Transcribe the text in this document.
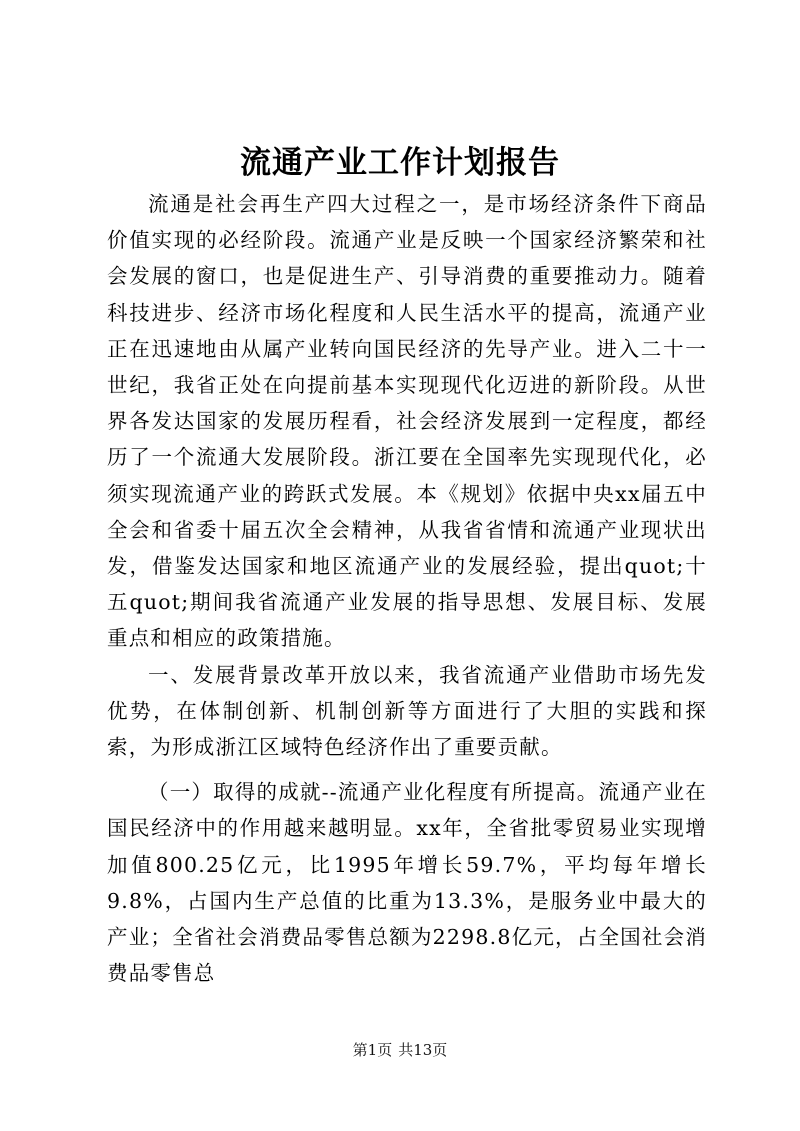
流通产业工作计划报告

流通是社会再生产四大过程之一，是市场经济条件下商品价值实现的必经阶段。流通产业是反映一个国家经济繁荣和社会发展的窗口，也是促进生产、引导消费的重要推动力。随着科技进步、经济市场化程度和人民生活水平的提高，流通产业正在迅速地由从属产业转向国民经济的先导产业。进入二十一世纪，我省正处在向提前基本实现现代化迈进的新阶段。从世界各发达国家的发展历程看，社会经济发展到一定程度，都经历了一个流通大发展阶段。浙江要在全国率先实现现代化，必须实现流通产业的跨跃式发展。本《规划》依据中央xx届五中全会和省委十届五次全会精神，从我省省情和流通产业现状出发，借鉴发达国家和地区流通产业的发展经验，提出quot;十五quot;期间我省流通产业发展的指导思想、发展目标、发展重点和相应的政策措施。

一、发展背景改革开放以来，我省流通产业借助市场先发优势，在体制创新、机制创新等方面进行了大胆的实践和探索，为形成浙江区域特色经济作出了重要贡献。

（一）取得的成就--流通产业化程度有所提高。流通产业在国民经济中的作用越来越明显。xx年，全省批零贸易业实现增加值800.25亿元，比1995年增长59.7%，平均每年增长9.8%，占国内生产总值的比重为13.3%，是服务业中最大的产业；全省社会消费品零售总额为2298.8亿元，占全国社会消费品零售总

第1页 共13页
